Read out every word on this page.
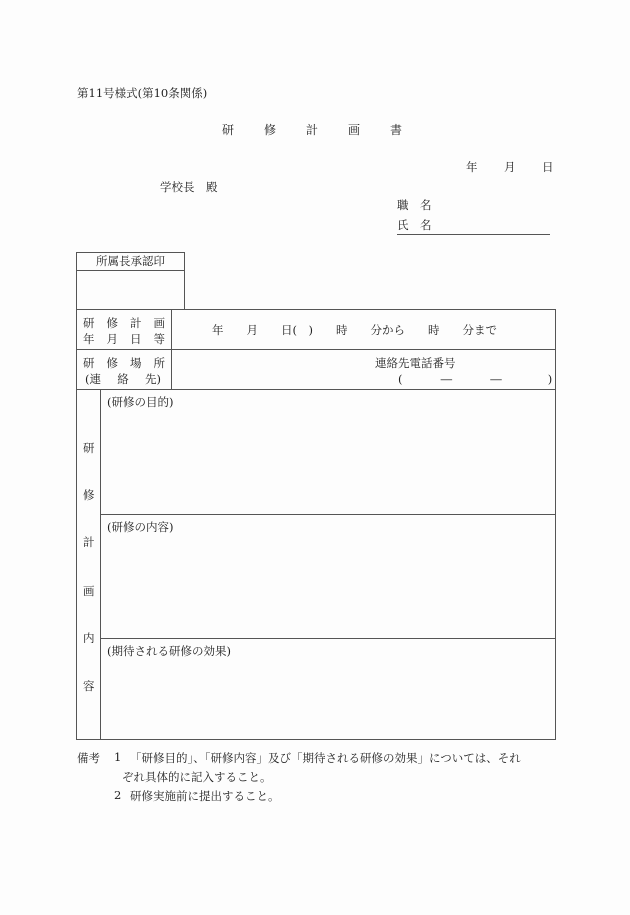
第11号様式(第10条関係)
研 修 計 画 書
年 月 日
学校長　殿
職　名
氏　名
所属長承認印
研 修 計 画
年 月 日 等
年　　月　　日(　)　　時　　分から　　時　　分まで
研 修 場 所
(連 絡 先)
連絡先電話番号
(　　　 ―　　　 ―　　　　)
研
修
計
画
内
容
(研修の目的)
(研修の内容)
(期待される研修の効果)
備考 1 「研修目的」、「研修内容」及び「期待される研修の効果」については、それ
ぞれ具体的に記入すること。
2 研修実施前に提出すること。
